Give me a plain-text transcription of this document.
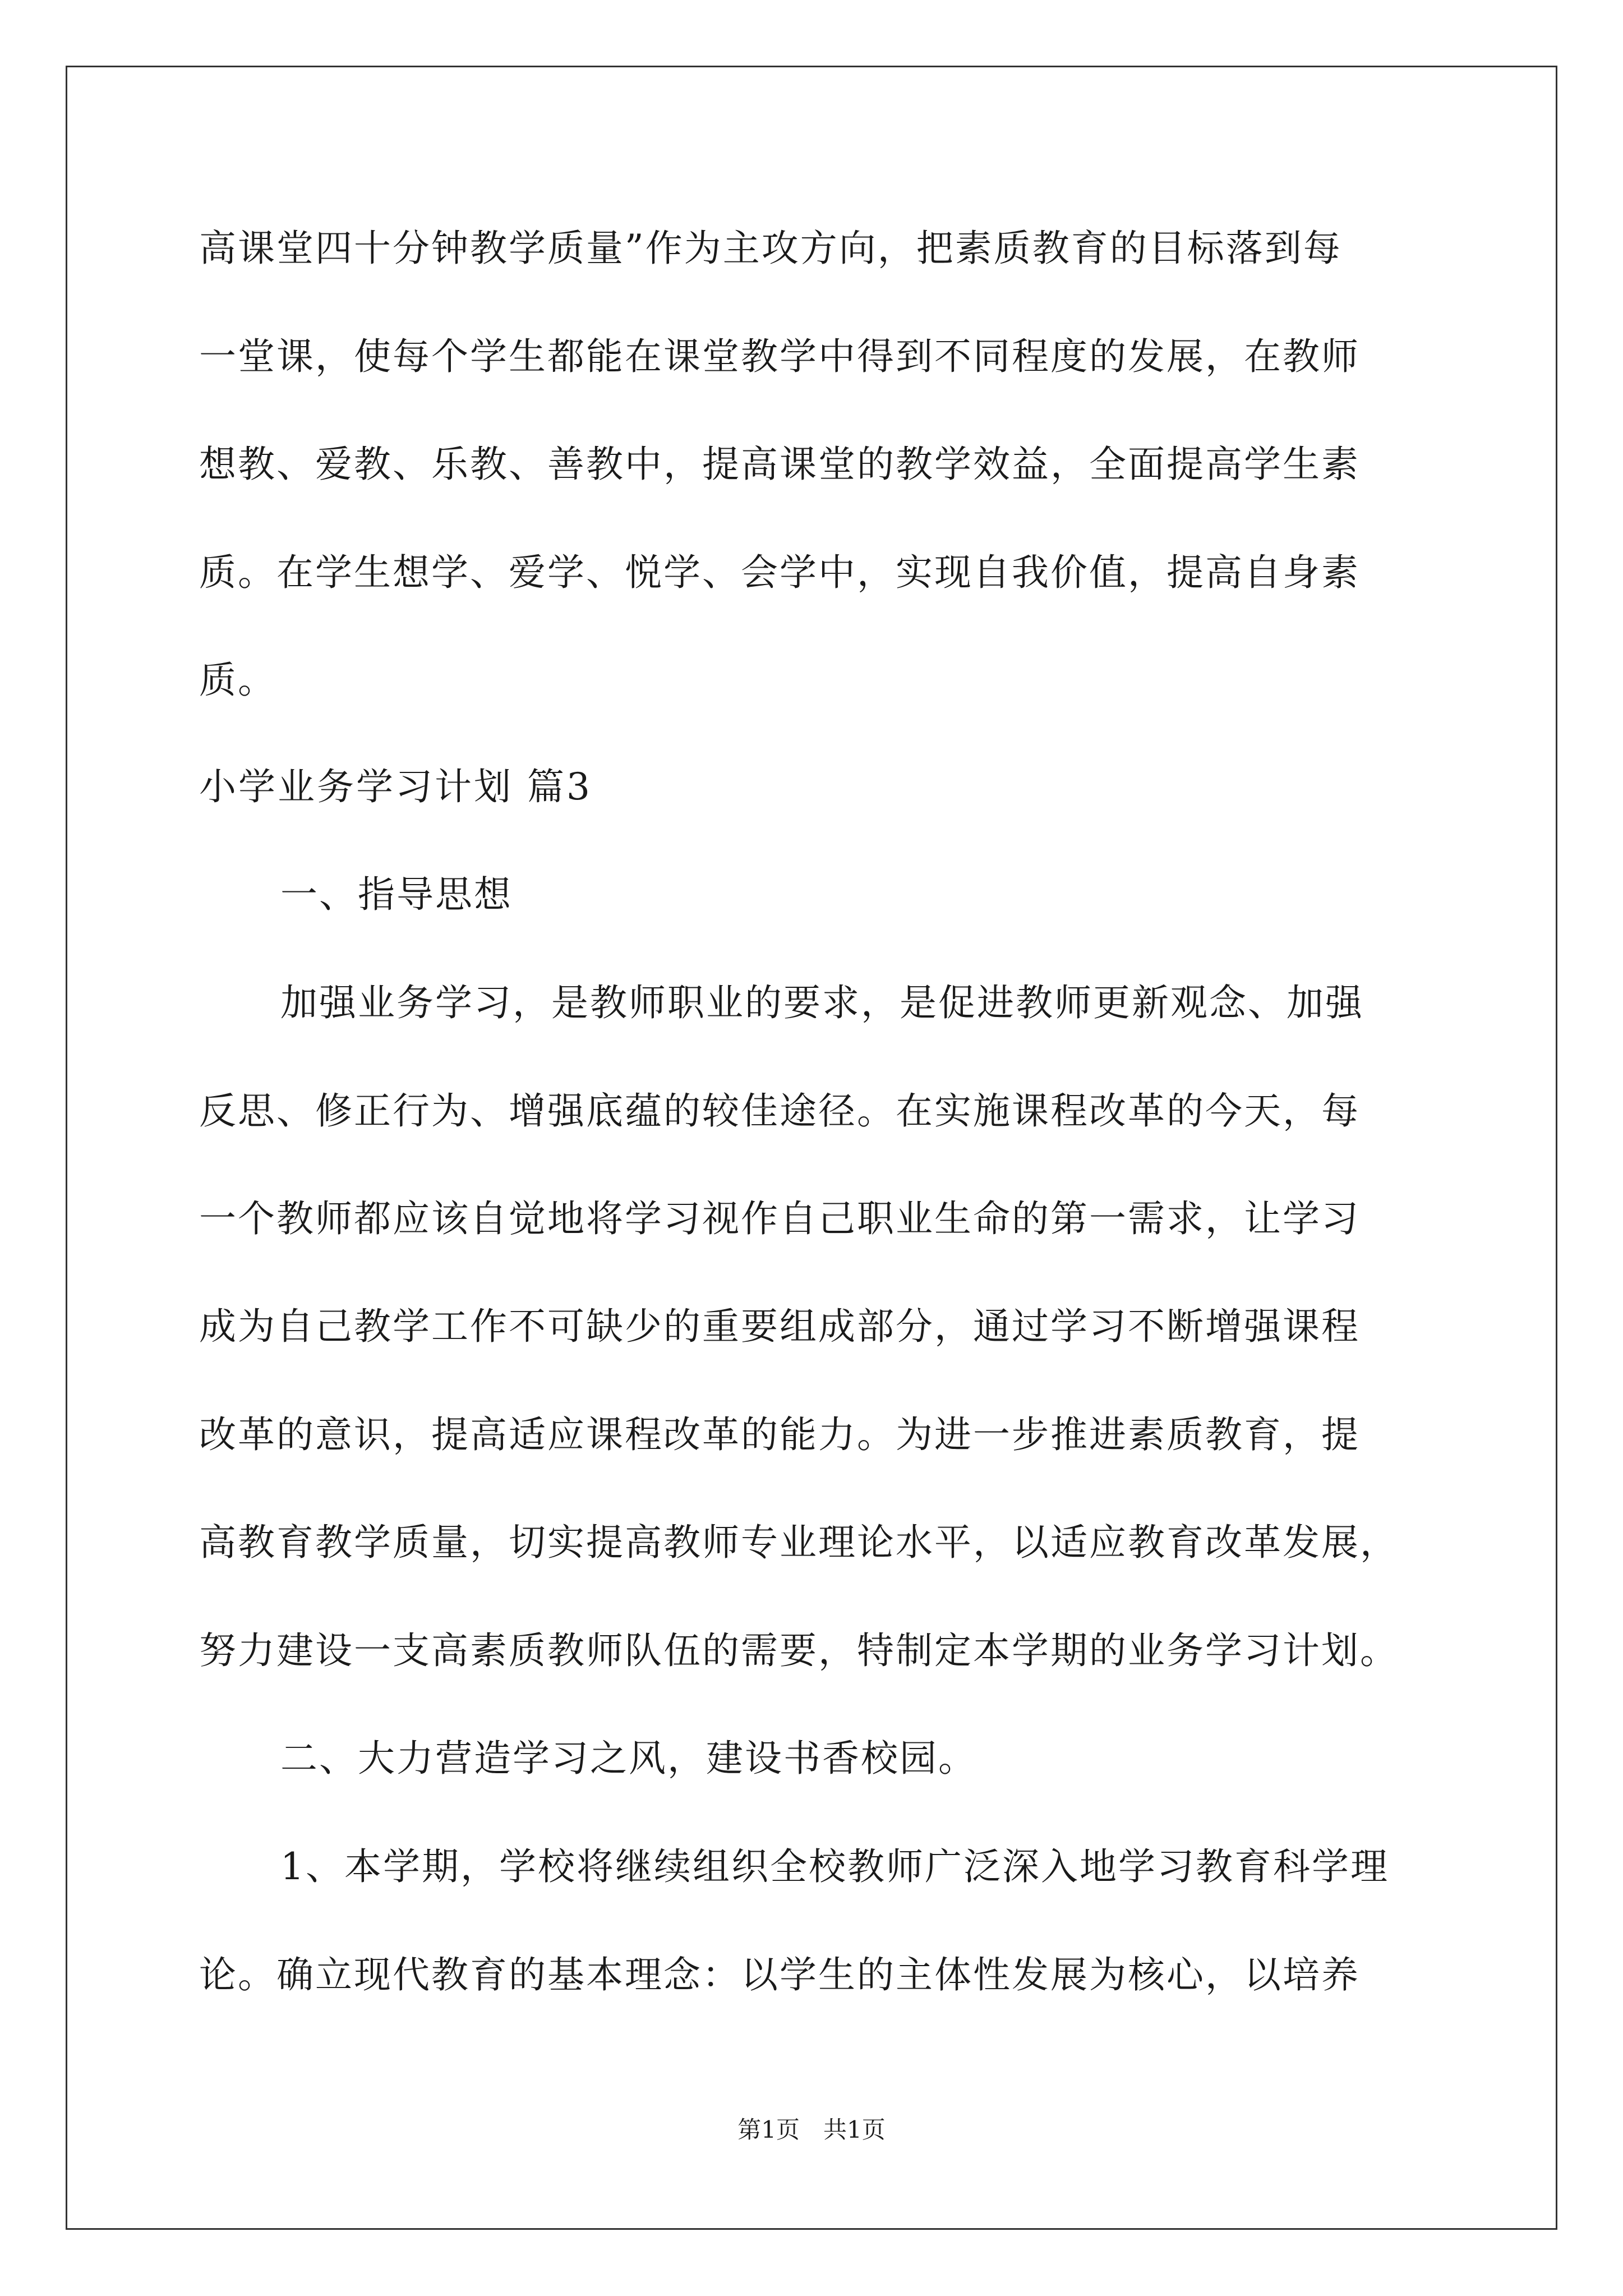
高课堂四十分钟教学质量”作为主攻方向，把素质教育的目标落到每
一堂课，使每个学生都能在课堂教学中得到不同程度的发展，在教师
想教、爱教、乐教、善教中，提高课堂的教学效益，全面提高学生素
质。在学生想学、爱学、悦学、会学中，实现自我价值，提高自身素
质。
小学业务学习计划 篇3
一、指导思想
加强业务学习，是教师职业的要求，是促进教师更新观念、加强
反思、修正行为、增强底蕴的较佳途径。在实施课程改革的今天，每
一个教师都应该自觉地将学习视作自己职业生命的第一需求，让学习
成为自己教学工作不可缺少的重要组成部分，通过学习不断增强课程
改革的意识，提高适应课程改革的能力。为进一步推进素质教育，提
高教育教学质量，切实提高教师专业理论水平，以适应教育改革发展，
努力建设一支高素质教师队伍的需要，特制定本学期的业务学习计划。
二、大力营造学习之风，建设书香校园。
1、本学期，学校将继续组织全校教师广泛深入地学习教育科学理
论。确立现代教育的基本理念：以学生的主体性发展为核心，以培养
第1页　共1页
